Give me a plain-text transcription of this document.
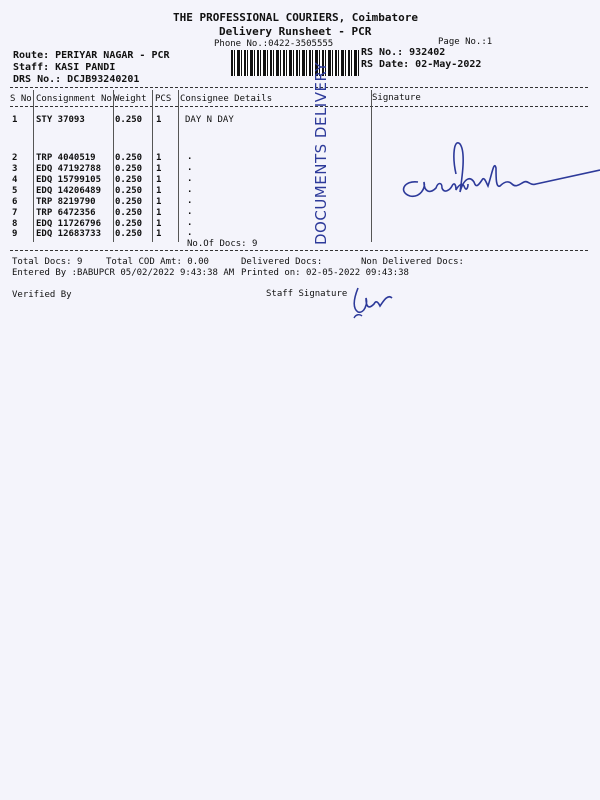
THE PROFESSIONAL COURIERS, Coimbatore
Delivery Runsheet - PCR
Phone No.:0422-3505555	Page No.:1
Route: PERIYAR NAGAR - PCR
Staff: KASI PANDI
DRS No.: DCJB93240201
RS No.: 932402
RS Date: 02-May-2022
S No Consignment No Weight PCS Consignee Details	Signature
1 STY 37093	0.250 1	DAY N DAY
2 TRP 4040519 0.250 1	.
3 EDQ 47192788 0.250 1	.
4 EDQ 15799105 0.250 1	.
5 EDQ 14206489 0.250 1	.
6 TRP 8219790 0.250 1	.
7 TRP 6472356 0.250 1	.
8 EDQ 11726796 0.250 1	.
9 EDQ 12683733 0.250 1	.
No.Of Docs: 9	DOCUMENTS DELIVERY
Total Docs: 9	Total COD Amt: 0.00	Delivered Docs:	Non Delivered Docs:
Entered By :BABUPCR 05/02/2022 9:43:38 AM Printed on: 02-05-2022 09:43:38
Verified By	Staff Signature
